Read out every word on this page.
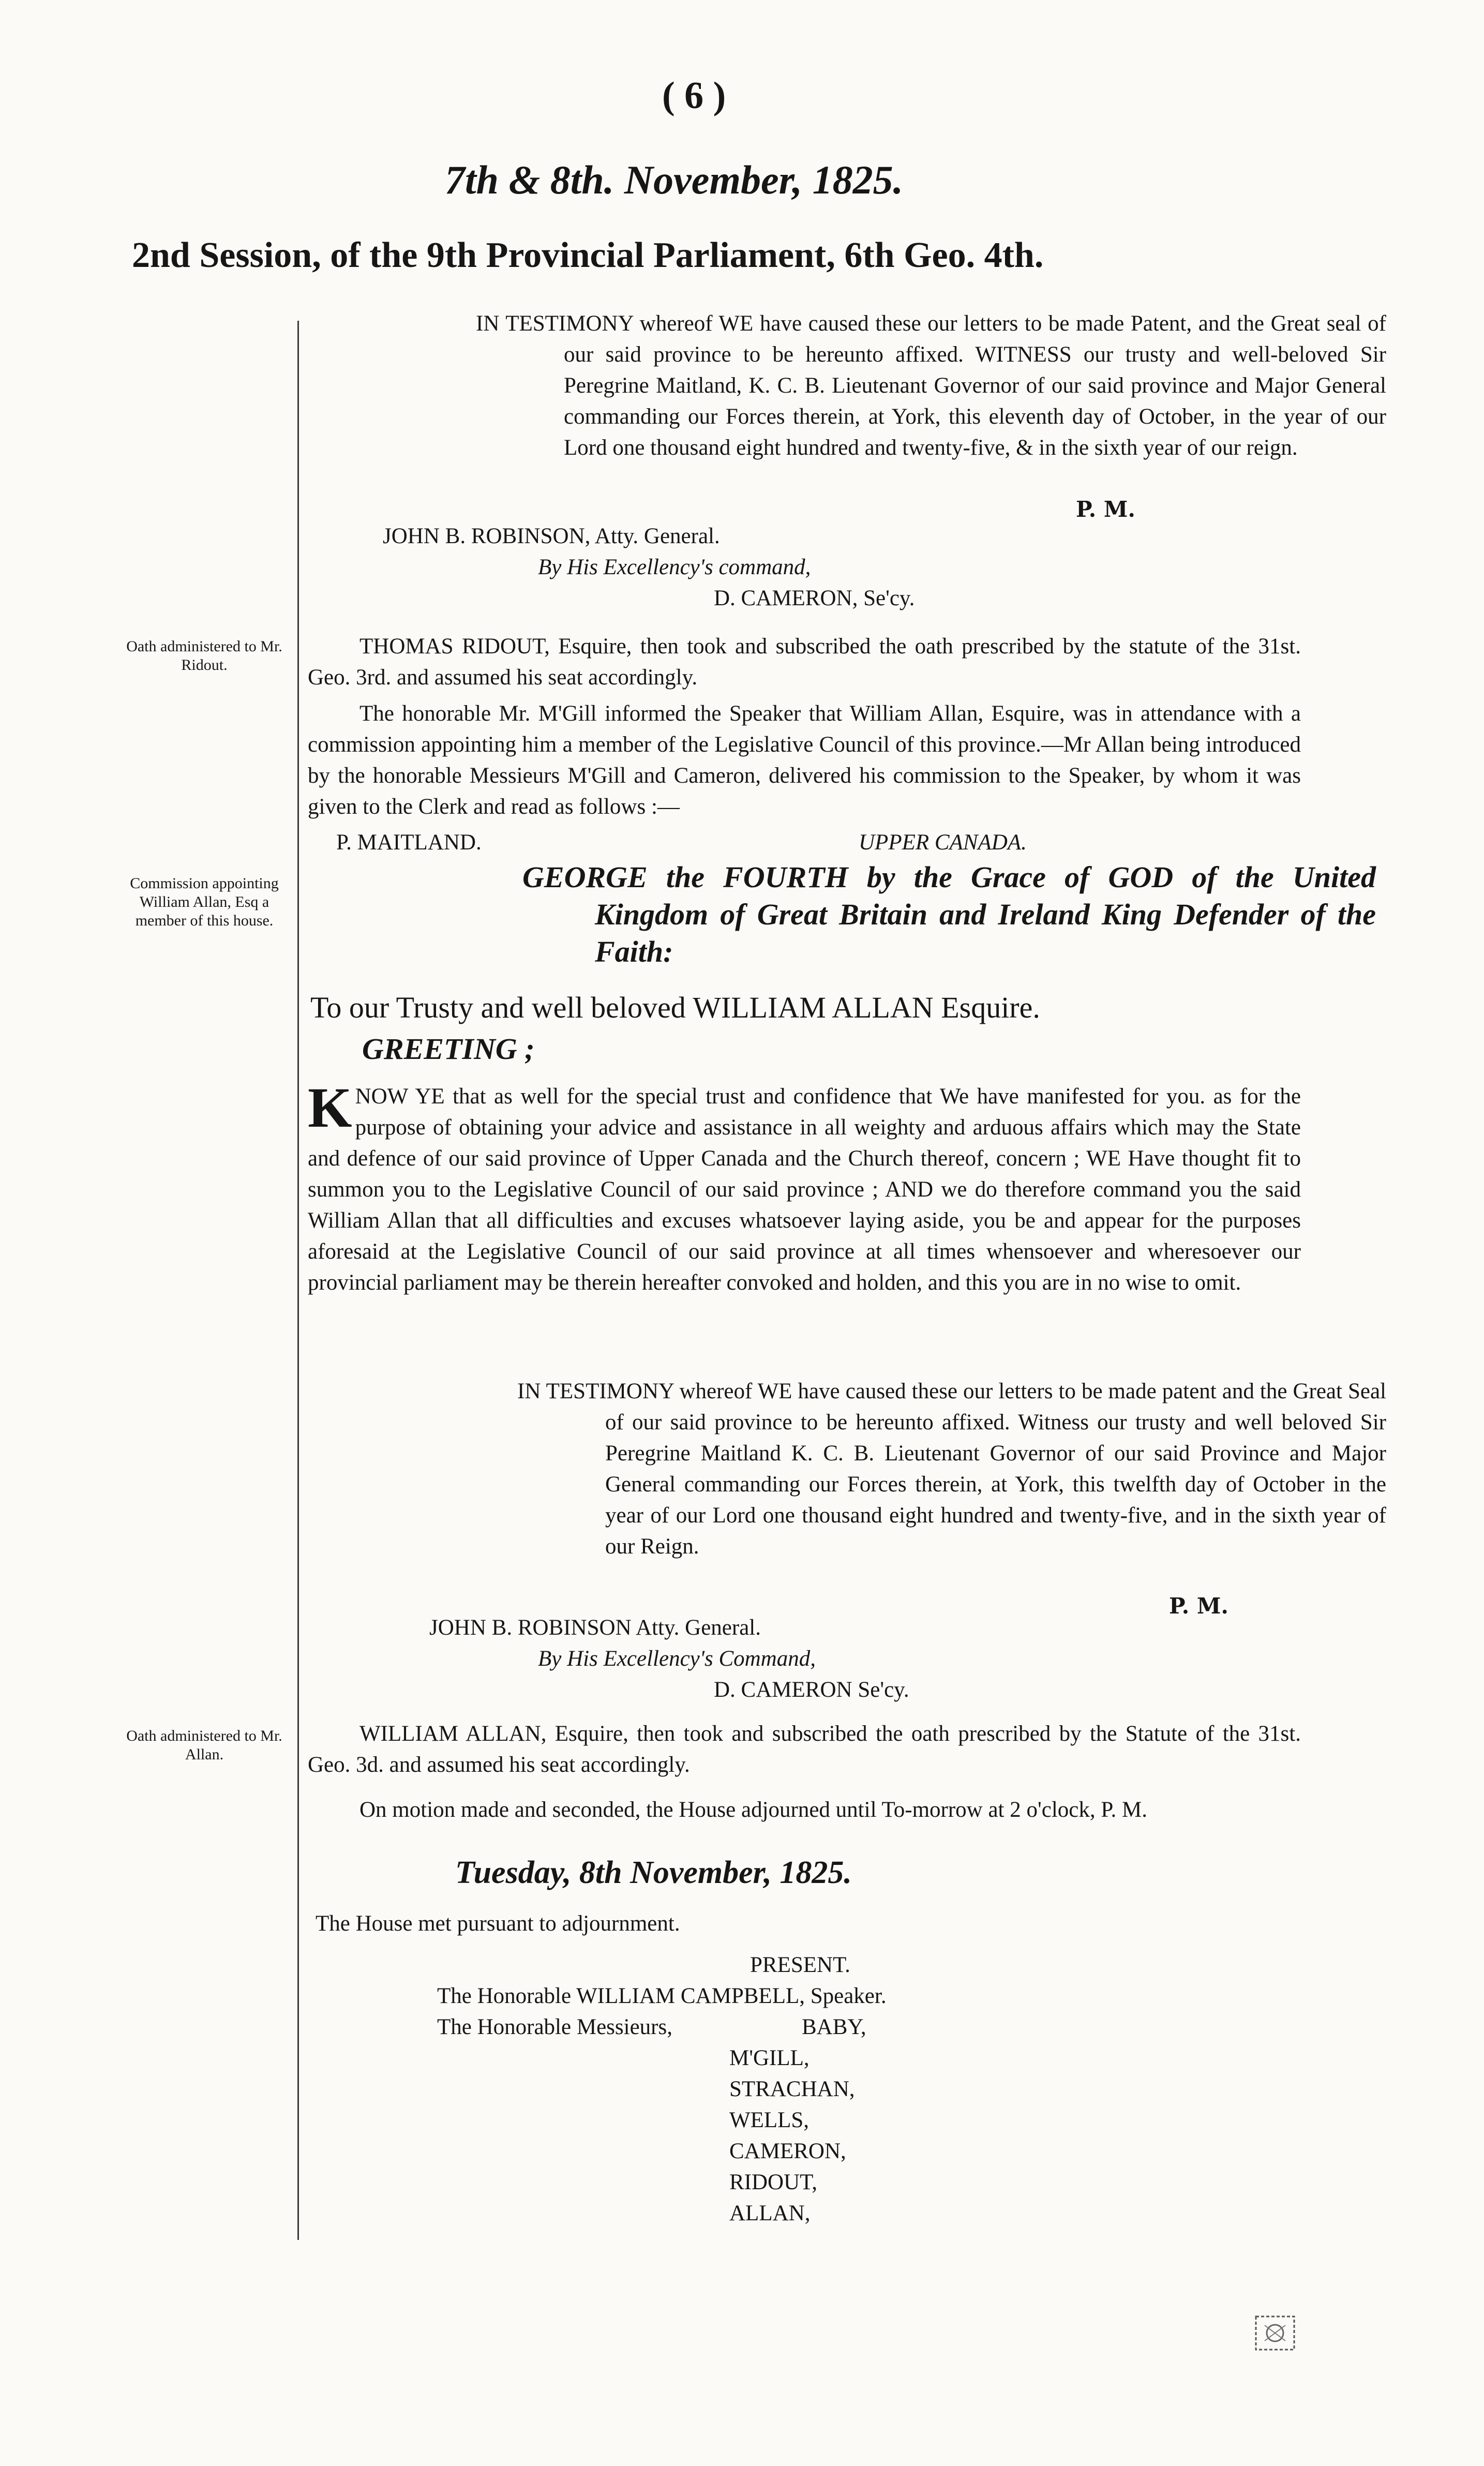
( 6 )
7th & 8th. November, 1825.
2nd Session, of the 9th Provincial Parliament, 6th Geo. 4th.
Oath administered to Mr. Ridout.
Commission appointing William Allan, Esq a member of this house.
Oath administered to Mr. Allan.
IN TESTIMONY whereof WE have caused these our letters to be made Patent, and the Great seal of our said province to be hereunto affixed. WITNESS our trusty and well-beloved Sir Peregrine Maitland, K. C. B. Lieutenant Governor of our said province and Major General commanding our Forces therein, at York, this eleventh day of October, in the year of our Lord one thousand eight hundred and twenty-five, & in the sixth year of our reign.
P. M.
JOHN B. ROBINSON, Atty. General.
By His Excellency's command,
D. CAMERON, Se'cy.
THOMAS RIDOUT, Esquire, then took and subscribed the oath prescribed by the statute of the 31st. Geo. 3rd. and assumed his seat accordingly.
The honorable Mr. M'Gill informed the Speaker that William Allan, Esquire, was in attendance with a commission appointing him a member of the Legislative Council of this province.—Mr Allan being introduced by the honorable Messieurs M'Gill and Cameron, delivered his commission to the Speaker, by whom it was given to the Clerk and read as follows :—
P. MAITLAND.	UPPER CANADA.
GEORGE the FOURTH by the Grace of GOD of the United Kingdom of Great Britain and Ireland King Defender of the Faith:
To our Trusty and well beloved WILLIAM ALLAN Esquire.
GREETING ;
KNOW YE that as well for the special trust and confidence that We have manifested for you. as for the purpose of obtaining your advice and assistance in all weighty and arduous affairs which may the State and defence of our said province of Upper Canada and the Church thereof, concern ; WE Have thought fit to summon you to the Legislative Council of our said province ; AND we do therefore command you the said William Allan that all difficulties and excuses whatsoever laying aside, you be and appear for the purposes aforesaid at the Legislative Council of our said province at all times whensoever and wheresoever our provincial parliament may be therein hereafter convoked and holden, and this you are in no wise to omit.
IN TESTIMONY whereof WE have caused these our letters to be made patent and the Great Seal of our said province to be hereunto affixed. Witness our trusty and well beloved Sir Peregrine Maitland K. C. B. Lieutenant Governor of our said Province and Major General commanding our Forces therein, at York, this twelfth day of October in the year of our Lord one thousand eight hundred and twenty-five, and in the sixth year of our Reign.
P. M.
JOHN B. ROBINSON Atty. General.
By His Excellency's Command,
D. CAMERON Se'cy.
WILLIAM ALLAN, Esquire, then took and subscribed the oath prescribed by the Statute of the 31st. Geo. 3d. and assumed his seat accordingly.
On motion made and seconded, the House adjourned until To-morrow at 2 o'clock, P. M.
Tuesday, 8th November, 1825.
The House met pursuant to adjournment.
PRESENT.
The Honorable WILLIAM CAMPBELL, Speaker.
The Honorable Messieurs,	BABY,
M'GILL,
STRACHAN,
WELLS,
CAMERON,
RIDOUT,
ALLAN,
